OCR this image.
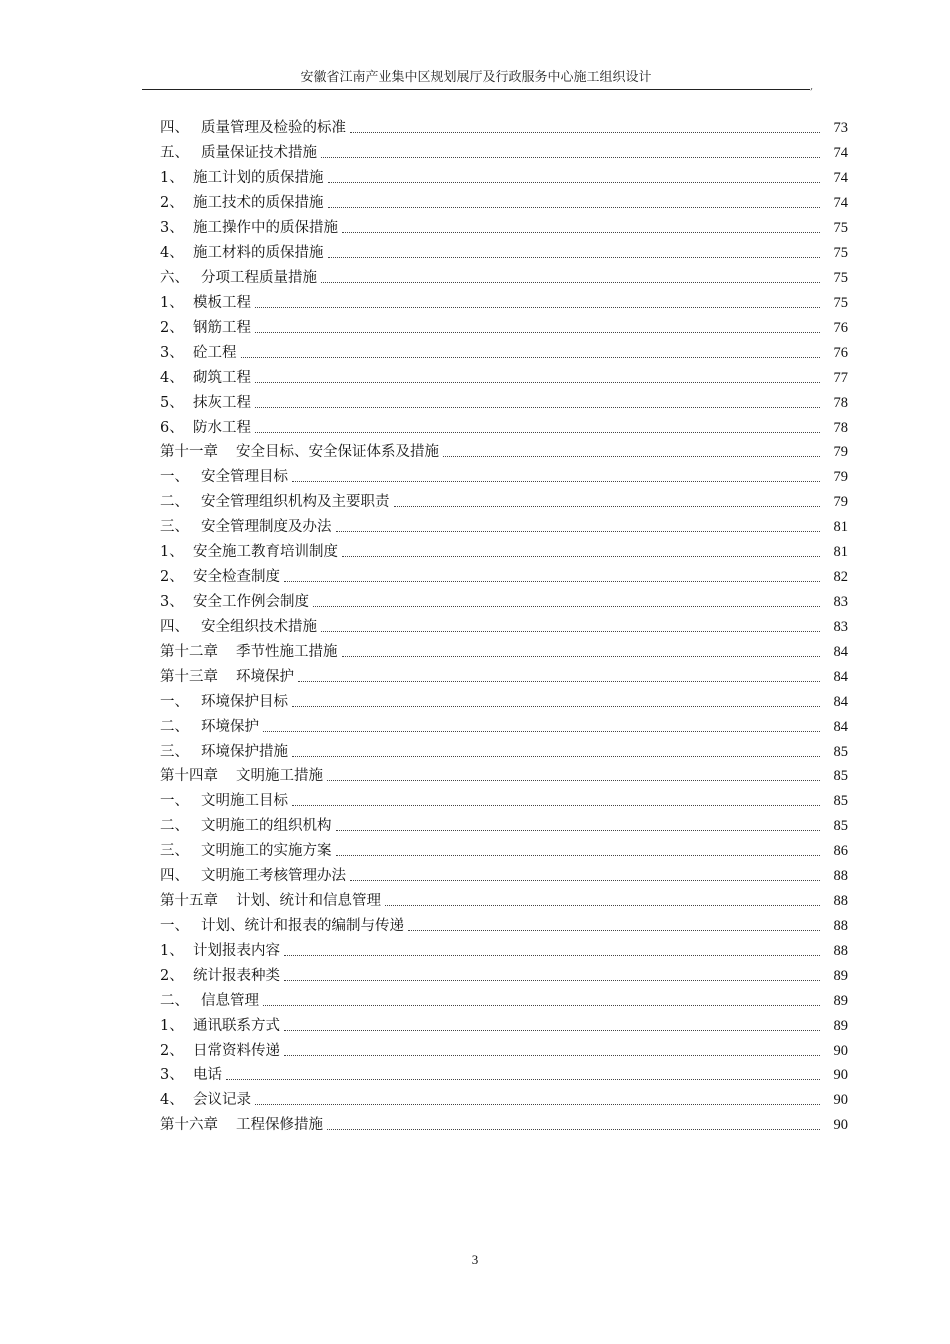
安徽省江南产业集中区规划展厅及行政服务中心施工组织设计
,
四、 质量管理及检验的标准	73
五、 质量保证技术措施	74
1、 施工计划的质保措施	74
2、 施工技术的质保措施	74
3、 施工操作中的质保措施	75
4、 施工材料的质保措施	75
六、 分项工程质量措施	75
1、 模板工程	75
2、 钢筋工程	76
3、 砼工程	76
4、 砌筑工程	77
5、 抹灰工程	78
6、 防水工程	78
第十一章	安全目标、安全保证体系及措施	79
一、 安全管理目标	79
二、 安全管理组织机构及主要职责	79
三、 安全管理制度及办法	81
1、 安全施工教育培训制度	81
2、 安全检查制度	82
3、 安全工作例会制度	83
四、 安全组织技术措施	83
第十二章	季节性施工措施	84
第十三章	环境保护	84
一、 环境保护目标	84
二、 环境保护	84
三、 环境保护措施	85
第十四章	文明施工措施	85
一、 文明施工目标	85
二、 文明施工的组织机构	85
三、 文明施工的实施方案	86
四、 文明施工考核管理办法	88
第十五章	计划、统计和信息管理	88
一、 计划、统计和报表的编制与传递	88
1、 计划报表内容	88
2、 统计报表种类	89
二、 信息管理	89
1、 通讯联系方式	89
2、 日常资料传递	90
3、 电话	90
4、 会议记录	90
第十六章	工程保修措施	90
3
